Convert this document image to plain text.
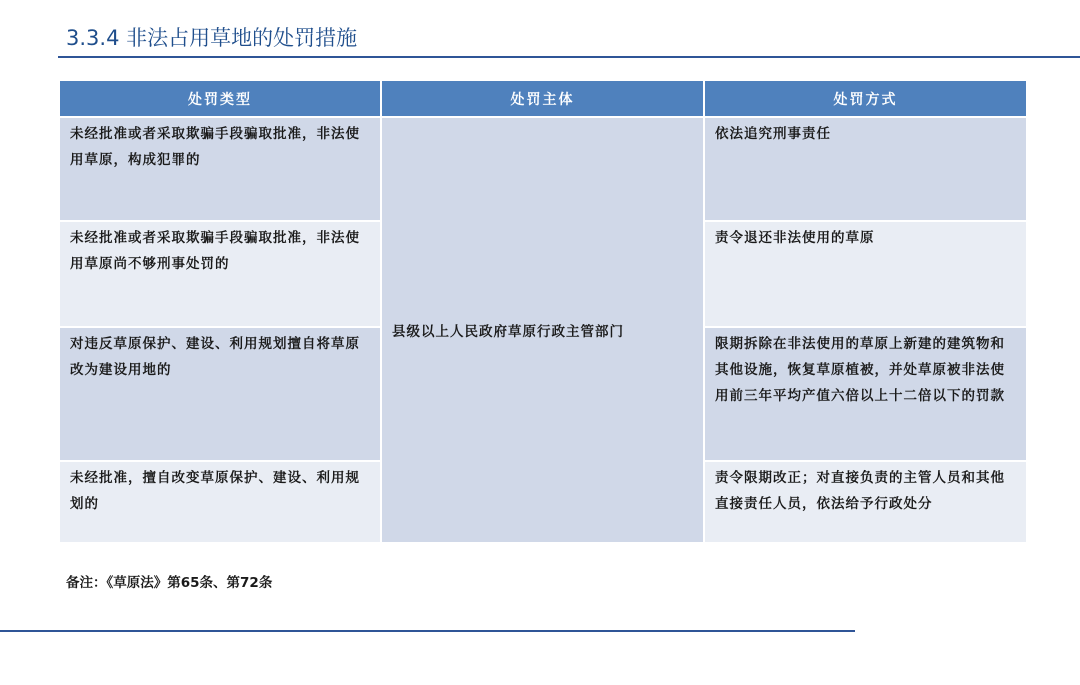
3.3.4 非法占用草地的处罚措施
处罚类型	处罚主体	处罚方式
未经批准或者采取欺骗手段骗取批准，非法使用草原，构成犯罪的	县级以上人民政府草原行政主管部门	依法追究刑事责任
未经批准或者采取欺骗手段骗取批准，非法使用草原尚不够刑事处罚的		责令退还非法使用的草原
对违反草原保护、建设、利用规划擅自将草原改为建设用地的		限期拆除在非法使用的草原上新建的建筑物和其他设施，恢复草原植被，并处草原被非法使用前三年平均产值六倍以上十二倍以下的罚款
未经批准，擅自改变草原保护、建设、利用规划的		责令限期改正；对直接负责的主管人员和其他直接责任人员，依法给予行政处分
备注：《草原法》第65条、第72条
